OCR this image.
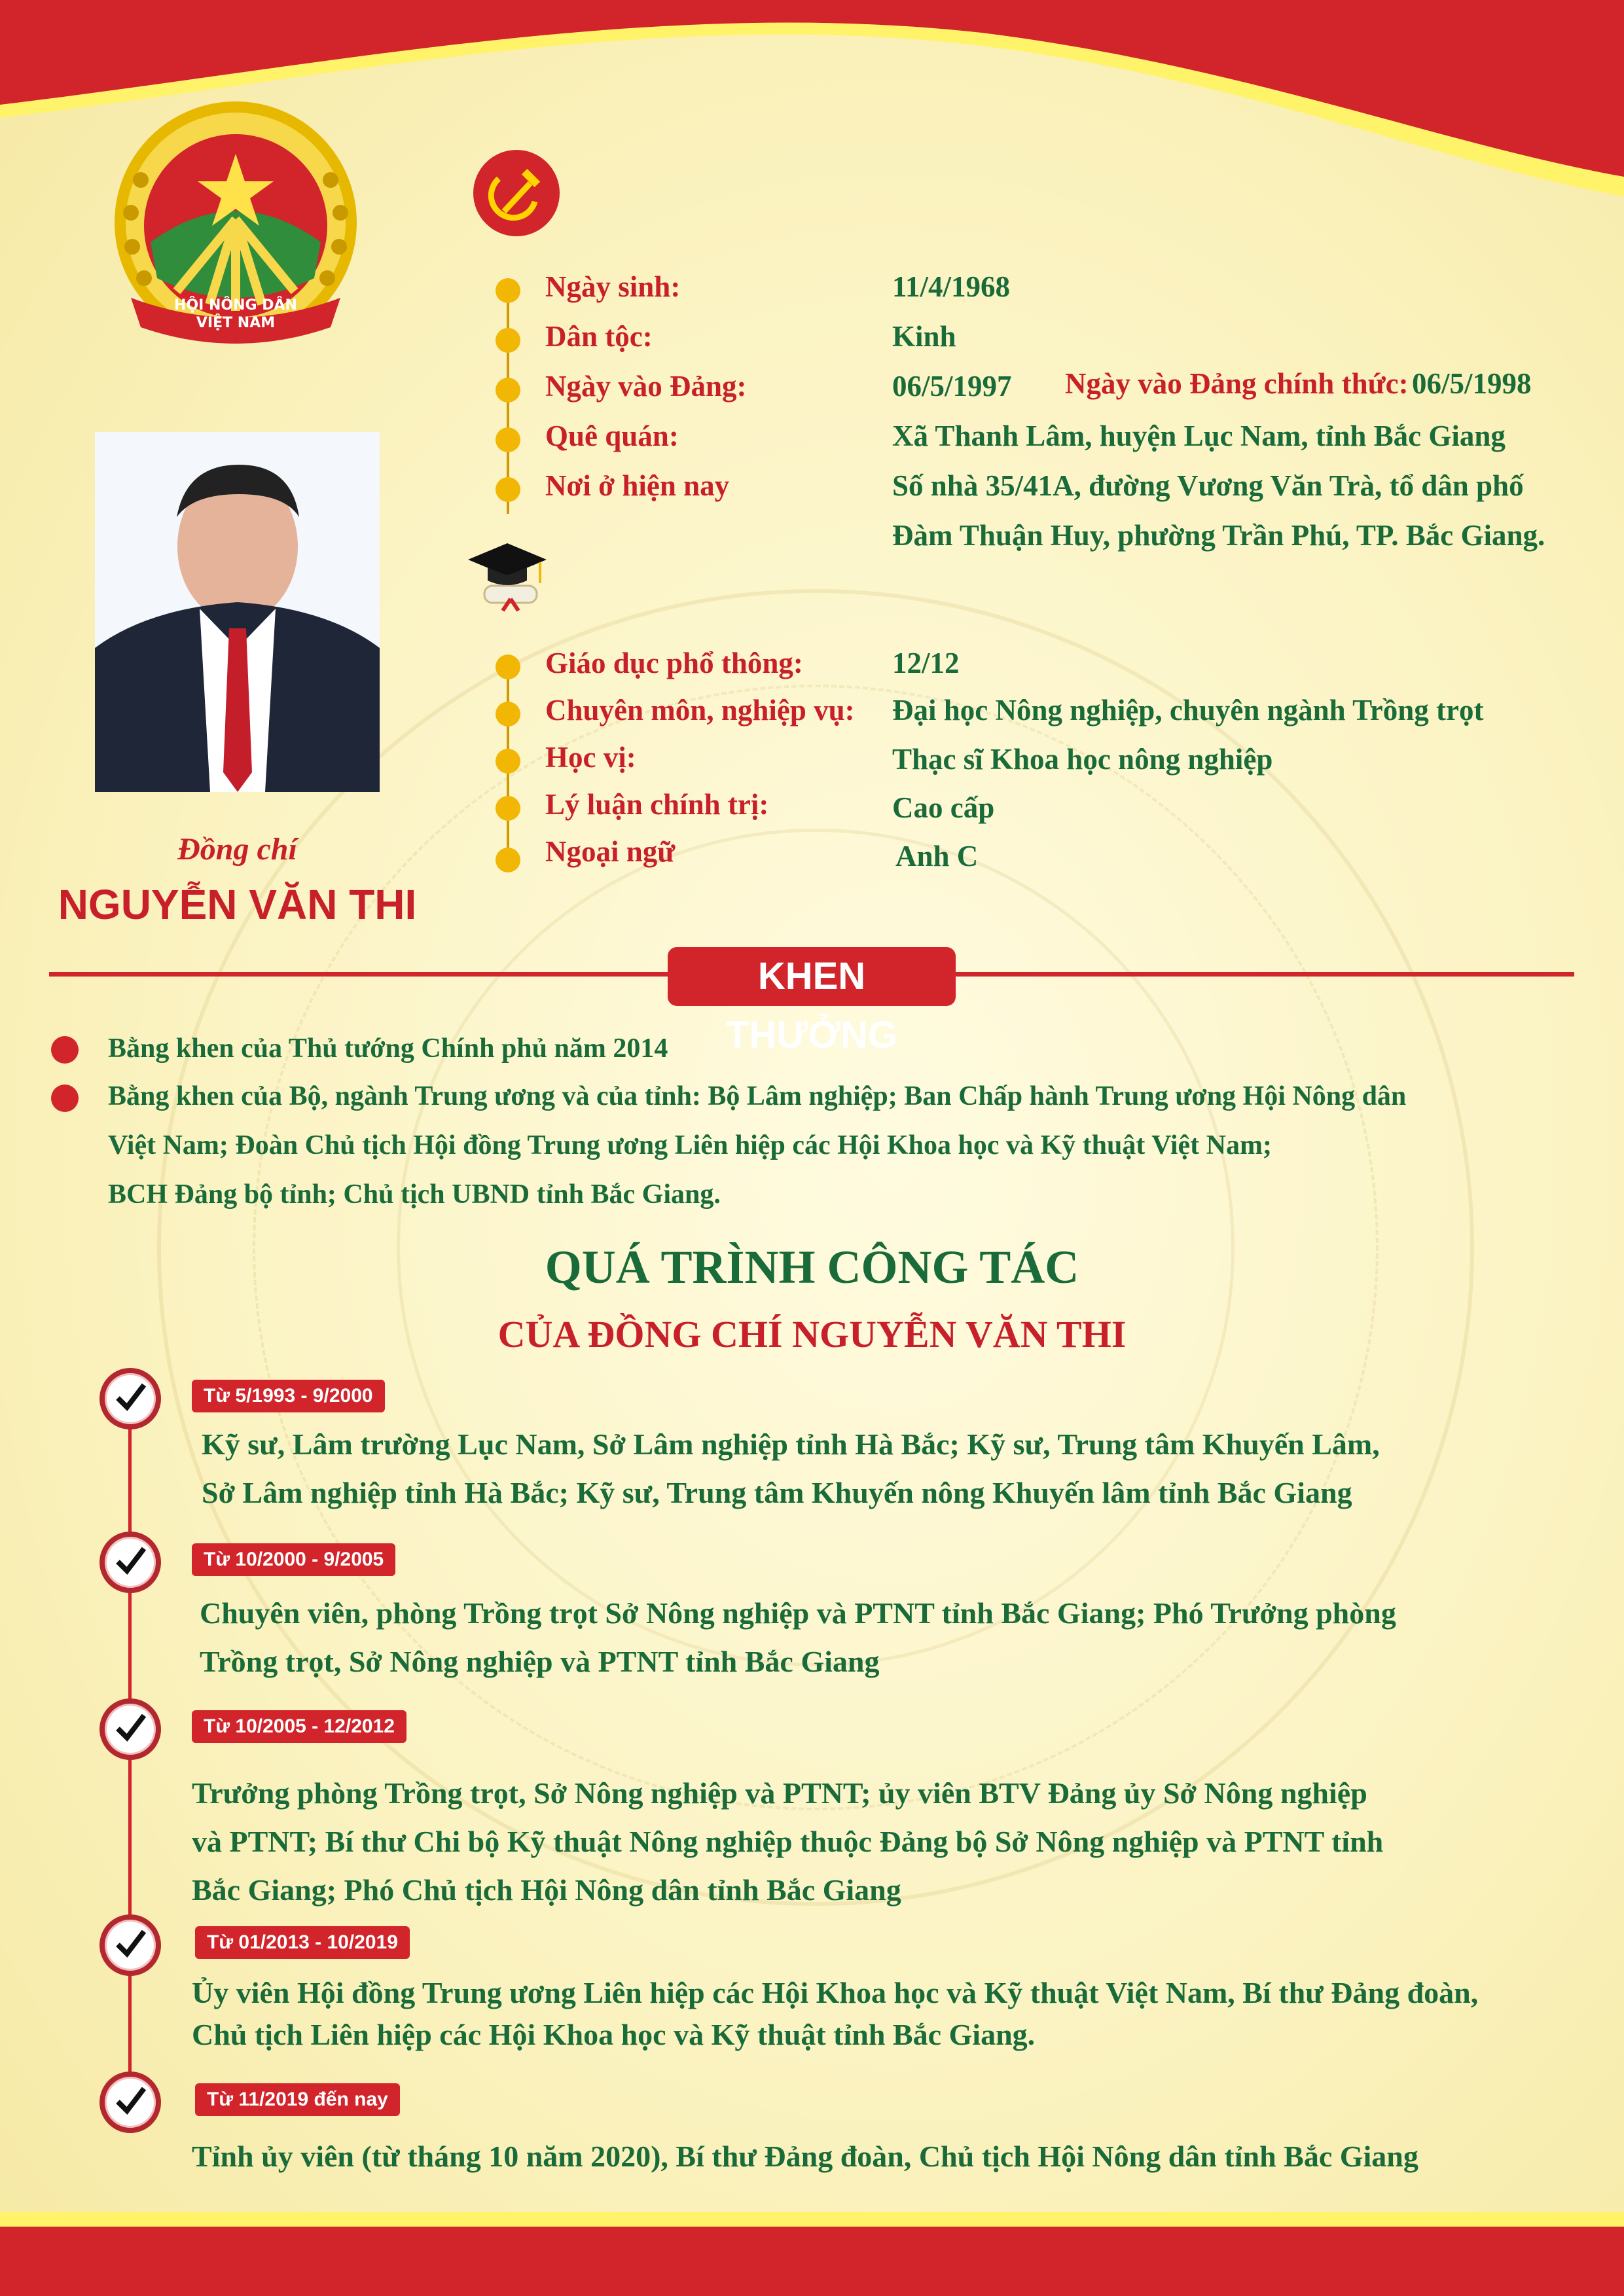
HỘI NÔNG DÂN
VIỆT NAM
Đồng chí
NGUYỄN VĂN THI
Ngày sinh:	11/4/1968
Dân tộc:	Kinh
Ngày vào Đảng:	06/5/1997 Ngày vào Đảng chính thức: 06/5/1998
Quê quán:	Xã Thanh Lâm, huyện Lục Nam, tỉnh Bắc Giang
Nơi ở hiện nay	Số nhà 35/41A, đường Vương Văn Trà, tổ dân phố
Đàm Thuận Huy, phường Trần Phú, TP. Bắc Giang.
Giáo dục phổ thông:	12/12
Chuyên môn, nghiệp vụ: Đại học Nông nghiệp, chuyên ngành Trồng trọt
Học vị:	Thạc sĩ Khoa học nông nghiệp
Lý luận chính trị:	Cao cấp
Ngoại ngữ	Anh C
KHEN THƯỞNG
Bằng khen của Thủ tướng Chính phủ năm 2014
Bằng khen của Bộ, ngành Trung ương và của tỉnh: Bộ Lâm nghiệp; Ban Chấp hành Trung ương Hội Nông dân
Việt Nam; Đoàn Chủ tịch Hội đồng Trung ương Liên hiệp các Hội Khoa học và Kỹ thuật Việt Nam;
BCH Đảng bộ tỉnh; Chủ tịch UBND tỉnh Bắc Giang.
QUÁ TRÌNH CÔNG TÁC
CỦA ĐỒNG CHÍ NGUYỄN VĂN THI
Từ 5/1993 - 9/2000
Kỹ sư, Lâm trường Lục Nam, Sở Lâm nghiệp tỉnh Hà Bắc; Kỹ sư, Trung tâm Khuyến Lâm,
Sở Lâm nghiệp tỉnh Hà Bắc; Kỹ sư, Trung tâm Khuyến nông Khuyến lâm tỉnh Bắc Giang
Từ 10/2000 - 9/2005
Chuyên viên, phòng Trồng trọt Sở Nông nghiệp và PTNT tỉnh Bắc Giang; Phó Trưởng phòng
Trồng trọt, Sở Nông nghiệp và PTNT tỉnh Bắc Giang
Từ 10/2005 - 12/2012
Trưởng phòng Trồng trọt, Sở Nông nghiệp và PTNT; ủy viên BTV Đảng ủy Sở Nông nghiệp
và PTNT; Bí thư Chi bộ Kỹ thuật Nông nghiệp thuộc Đảng bộ Sở Nông nghiệp và PTNT tỉnh
Bắc Giang; Phó Chủ tịch Hội Nông dân tỉnh Bắc Giang
Từ 01/2013 - 10/2019
Ủy viên Hội đồng Trung ương Liên hiệp các Hội Khoa học và Kỹ thuật Việt Nam, Bí thư Đảng đoàn,
Chủ tịch Liên hiệp các Hội Khoa học và Kỹ thuật tỉnh Bắc Giang.
Từ 11/2019 đến nay
Tỉnh ủy viên (từ tháng 10 năm 2020), Bí thư Đảng đoàn, Chủ tịch Hội Nông dân tỉnh Bắc Giang
